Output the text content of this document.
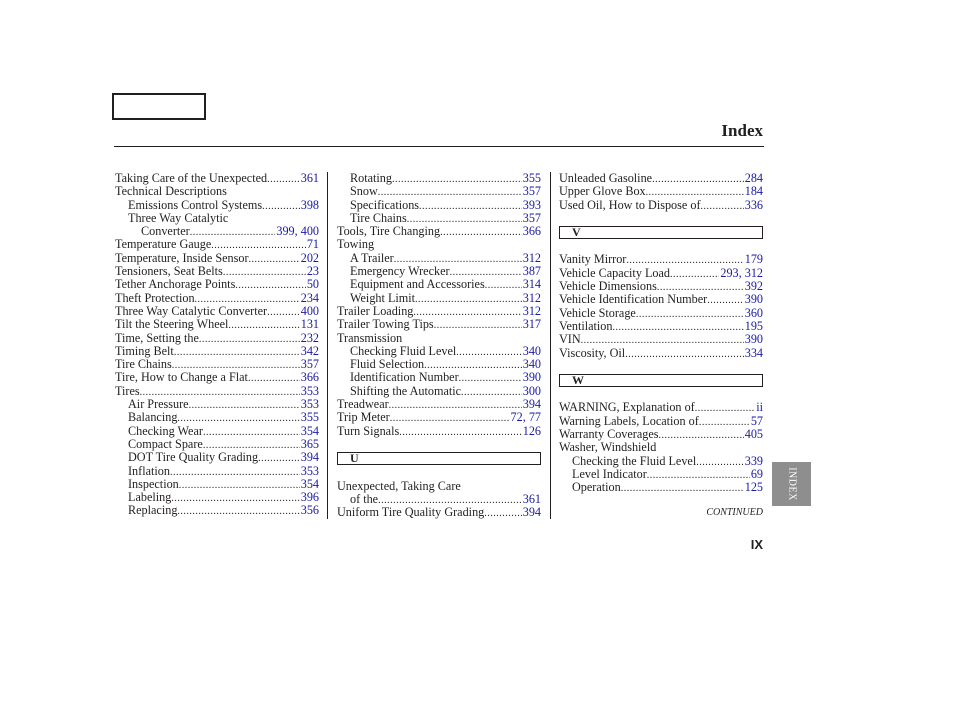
Index
Taking Care of the Unexpected .....	361
Technical Descriptions
Emissions Control Systems .....	398
Three Way Catalytic
Converter .....	399, 400
Temperature Gauge .....	71
Temperature, Inside Sensor .....	202
Tensioners, Seat Belts .....	23
Tether Anchorage Points .....	50
Theft Protection .....	234
Three Way Catalytic Converter .....	400
Tilt the Steering Wheel .....	131
Time, Setting the .....	232
Timing Belt .....	342
Tire Chains .....	357
Tire, How to Change a Flat .....	366
Tires .....	353
Air Pressure .....	353
Balancing .....	355
Checking Wear .....	354
Compact Spare .....	365
DOT Tire Quality Grading .....	394
Inflation .....	353
Inspection .....	354
Labeling .....	396
Replacing .....	356
Rotating .....	355
Snow .....	357
Specifications .....	393
Tire Chains .....	357
Tools, Tire Changing .....	366
Towing
A Trailer .....	312
Emergency Wrecker .....	387
Equipment and Accessories .....	314
Weight Limit .....	312
Trailer Loading .....	312
Trailer Towing Tips .....	317
Transmission
Checking Fluid Level .....	340
Fluid Selection .....	340
Identification Number .....	390
Shifting the Automatic .....	300
Treadwear .....	394
Trip Meter .....	72, 77
Turn Signals .....	126
U
Unexpected, Taking Care
of the .....	361
Uniform Tire Quality Grading .....	394
Unleaded Gasoline .....	284
Upper Glove Box .....	184
Used Oil, How to Dispose of .....	336
V
Vanity Mirror .....	179
Vehicle Capacity Load .....	293, 312
Vehicle Dimensions .....	392
Vehicle Identification Number .....	390
Vehicle Storage .....	360
Ventilation .....	195
VIN .....	390
Viscosity, Oil .....	334
W
WARNING, Explanation of .....	ii
Warning Labels, Location of .....	57
Warranty Coverages .....	405
Washer, Windshield
Checking the Fluid Level .....	339
Level Indicator .....	69
Operation .....	125
CONTINUED
INDEX
IX
